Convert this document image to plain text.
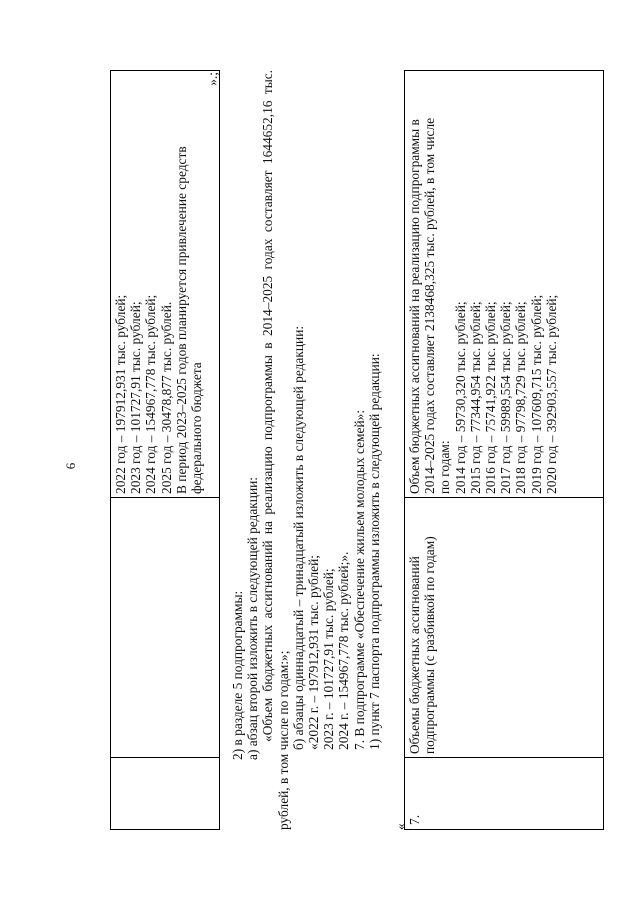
6	2022 год – 197912,931 тыс. рублей; 2023 год – 101727,91 тыс. рублей; 2024 год – 154967,778 тыс. рублей; 2025 год – 30478,877 тыс. рублей. В период 2023–2025 годов планируется привлечение средств федерального бюджета
».;
2) в разделе 5 подпрограммы: а) абзац второй изложить в следующей редакции: «Объем бюджетных ассигнований на реализацию подпрограммы в 2014–2025 годах составляет 1644652,16 тыс. рублей, в том числе по годам:»; б) абзацы одиннадцатый – тринадцатый изложить в следующей редакции: «2022 г. – 197912,931 тыс. рублей; 2023 г. – 101727,91 тыс. рублей; 2024 г. – 154967,778 тыс. рублей;». 7. В подпрограмме «Обеспечение жильем молодых семей»: 1) пункт 7 паспорта подпрограммы изложить в следующей редакции:
«
7.
Объемы бюджетных ассигнований подпрограммы (с разбивкой по годам)
Объем бюджетных ассигнований на реализацию подпрограммы в 2014–2025 годах составляет 2138468,325 тыс. рублей, в том числе по годам: 2014 год – 59730,320 тыс. рублей; 2015 год – 77344,954 тыс. рублей; 2016 год – 75741,922 тыс. рублей; 2017 год – 59989,554 тыс. рублей; 2018 год – 97798,729 тыс. рублей; 2019 год – 107609,715 тыс. рублей; 2020 год – 392903,557 тыс. рублей;
